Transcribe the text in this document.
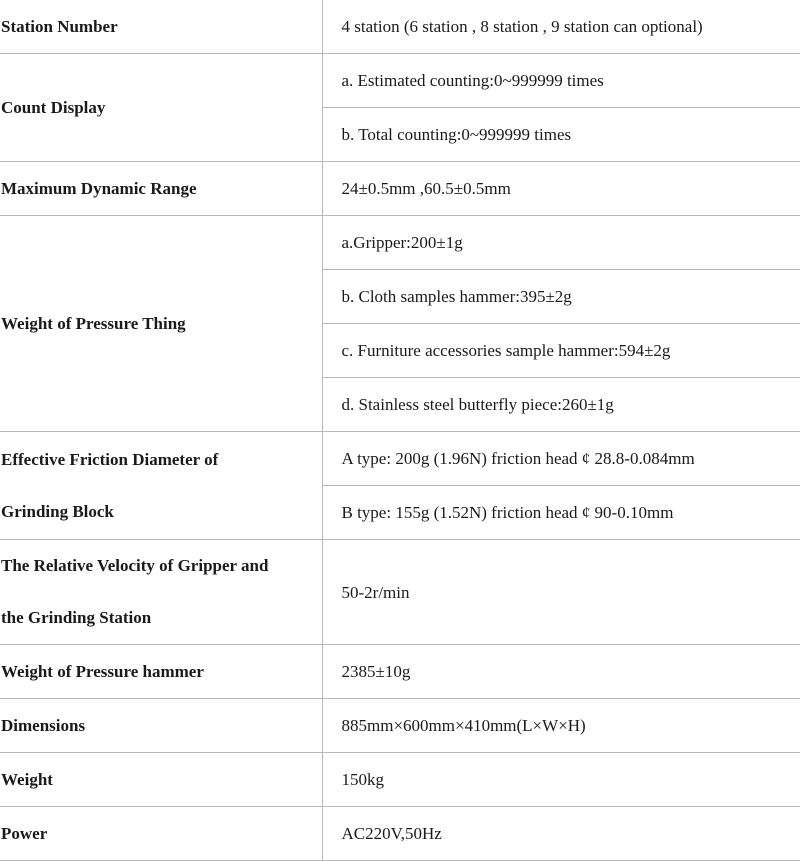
Station Number	4 station (6 station , 8 station , 9 station can optional)
Count Display	a. Estimated counting:0~999999 times
	b. Total counting:0~999999 times
Maximum Dynamic Range	24±0.5mm ,60.5±0.5mm
Weight of Pressure Thing	a.Gripper:200±1g
	b. Cloth samples hammer:395±2g
	c. Furniture accessories sample hammer:594±2g
	d. Stainless steel butterfly piece:260±1g

Effective Friction Diameter of
Grinding Block	A type: 200g (1.96N) friction head ¢ 28.8-0.084mm
	B type: 155g (1.52N) friction head ¢ 90-0.10mm

The Relative Velocity of Gripper and
the Grinding Station	50-2r/min
Weight of Pressure hammer	2385±10g
Dimensions	885mm×600mm×410mm(L×W×H)
Weight	150kg
Power	AC220V,50Hz
